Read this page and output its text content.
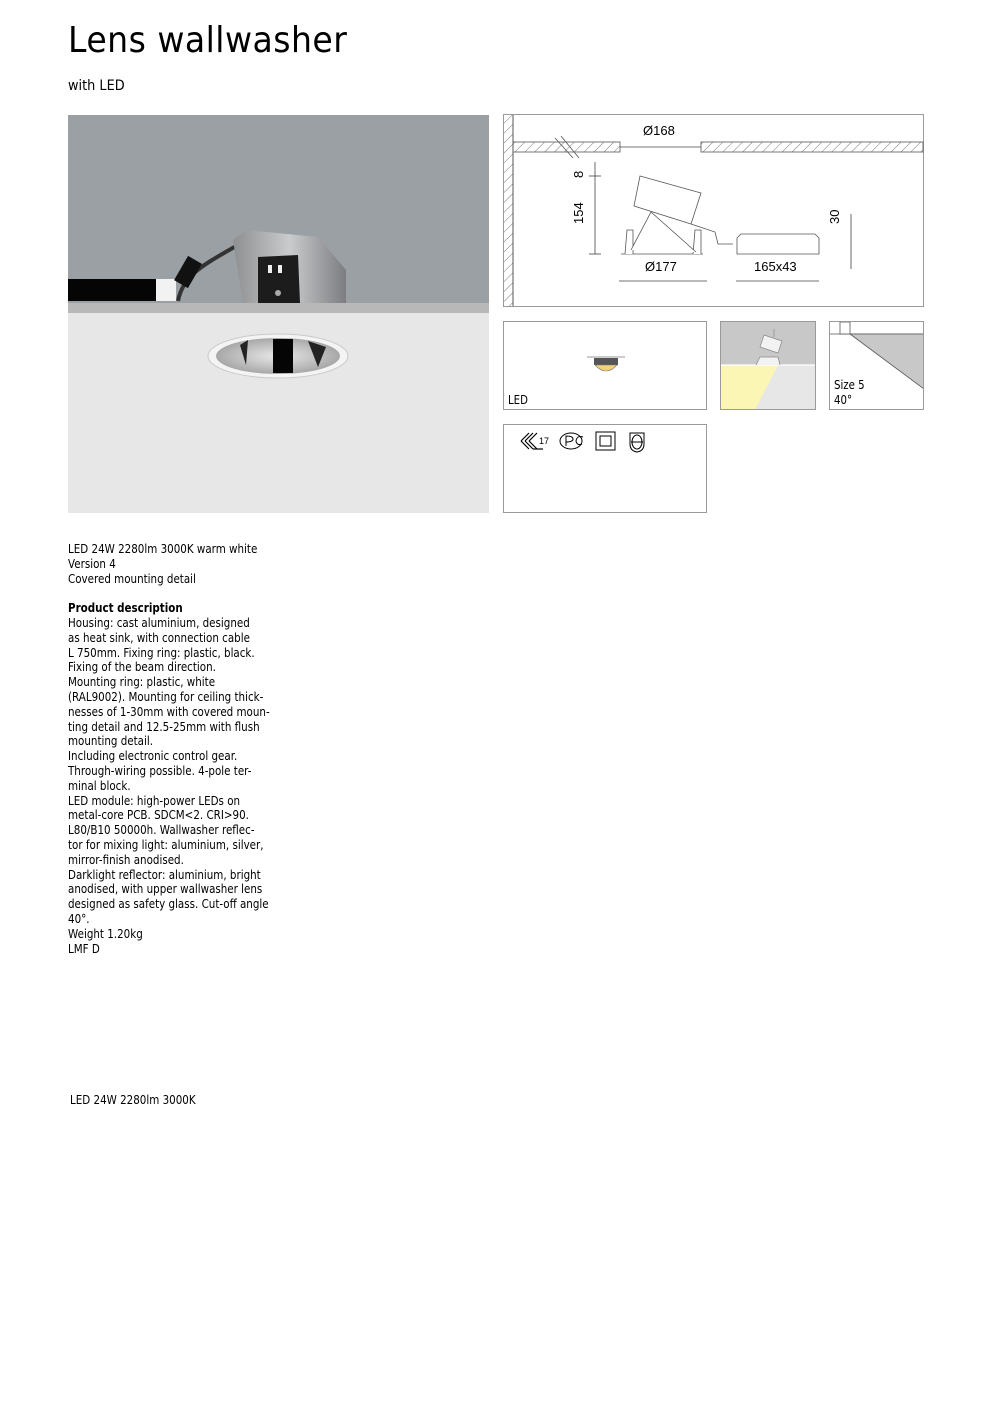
Lens wallwasher
with LED
Ø168
8
154
Ø177	165x43
30
LED
Size 5
40°
17
LED 24W 2280lm 3000K warm white
Version 4
Covered mounting detail
Product description
Housing: cast aluminium, designed
as heat sink, with connection cable
L 750mm. Fixing ring: plastic, black.
Fixing of the beam direction.
Mounting ring: plastic, white
(RAL9002). Mounting for ceiling thick-
nesses of 1-30mm with covered moun-
ting detail and 12.5-25mm with flush
mounting detail.
Including electronic control gear.
Through-wiring possible. 4-pole ter-
minal block.
LED module: high-power LEDs on
metal-core PCB. SDCM<2. CRI>90.
L80/B10 50000h. Wallwasher reflec-
tor for mixing light: aluminium, silver,
mirror-finish anodised.
Darklight reflector: aluminium, bright
anodised, with upper wallwasher lens
designed as safety glass. Cut-off angle
40°.
Weight 1.20kg
LMF D
LED 24W 2280lm 3000K
